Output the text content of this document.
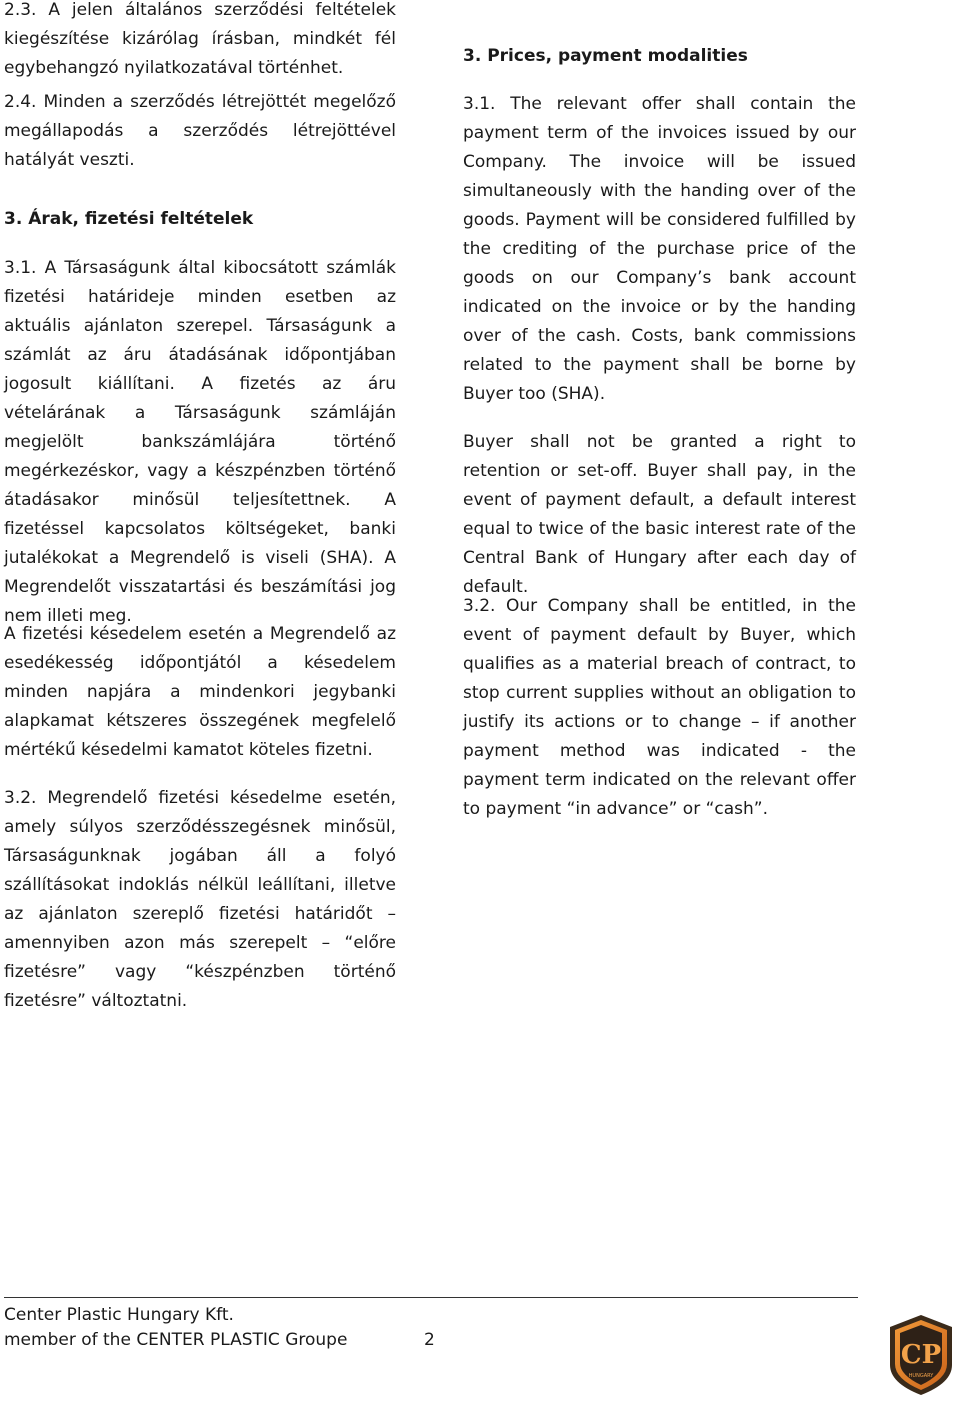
2.3. A jelen általános szerződési feltételek kiegészítése kizárólag írásban, mindkét fél egybehangzó nyilatkozatával történhet.

2.4. Minden a szerződés létrejöttét megelőző megállapodás a szerződés létrejöttével hatályát veszti.

3. Árak, fizetési feltételek

3.1. A Társaságunk által kibocsátott számlák fizetési határideje minden esetben az aktuális ajánlaton szerepel. Társaságunk a számlát az áru átadásának időpontjában jogosult kiállítani. A fizetés az áru vételárának a Társaságunk számláján megjelölt bankszámlájára történő megérkezéskor, vagy a készpénzben történő átadásakor minősül teljesítettnek. A fizetéssel kapcsolatos költségeket, banki jutalékokat a Megrendelő is viseli (SHA). A Megrendelőt visszatartási és beszámítási jog nem illeti meg.

A fizetési késedelem esetén a Megrendelő az esedékesség időpontjától a késedelem minden napjára a mindenkori jegybanki alapkamat kétszeres összegének megfelelő mértékű késedelmi kamatot köteles fizetni.

3.2. Megrendelő fizetési késedelme esetén, amely súlyos szerződésszegésnek minősül, Társaságunknak jogában áll a folyó szállításokat indoklás nélkül leállítani, illetve az ajánlaton szereplő fizetési határidőt – amennyiben azon más szerepelt – “előre fizetésre” vagy “készpénzben történő fizetésre” változtatni.

3. Prices, payment modalities

3.1. The relevant offer shall contain the payment term of the invoices issued by our Company. The invoice will be issued simultaneously with the handing over of the goods. Payment will be considered fulfilled by the crediting of the purchase price of the goods on our Company’s bank account indicated on the invoice or by the handing over of the cash. Costs, bank commissions related to the payment shall be borne by Buyer too (SHA).

Buyer shall not be granted a right to retention or set-off. Buyer shall pay, in the event of payment default, a default interest equal to twice of the basic interest rate of the Central Bank of Hungary after each day of default.

3.2. Our Company shall be entitled, in the event of payment default by Buyer, which qualifies as a material breach of contract, to stop current supplies without an obligation to justify its actions or to change – if another payment method was indicated - the payment term indicated on the relevant offer to payment “in advance” or “cash”.

Center Plastic Hungary Kft.
member of the CENTER PLASTIC Groupe	2	CP
HUNGARY
